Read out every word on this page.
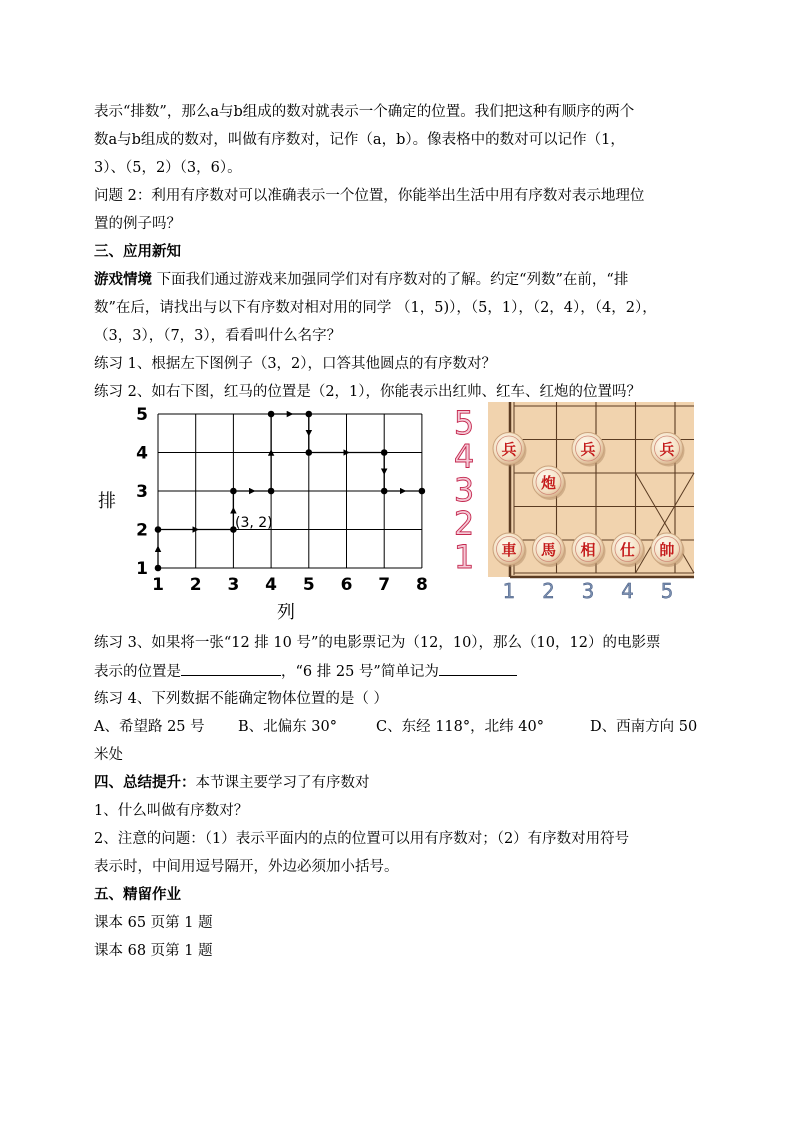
表示“排数”，那么a与b组成的数对就表示一个确定的位置。我们把这种有顺序的两个
数a与b组成的数对，叫做有序数对，记作（a，b）。像表格中的数对可以记作（1，
3）、（5，2）（3，6）。
问题 2：利用有序数对可以准确表示一个位置，你能举出生活中用有序数对表示地理位
置的例子吗？
三、应用新知
游戏情境 下面我们通过游戏来加强同学们对有序数对的了解。约定“列数”在前，“排
数”在后，请找出与以下有序数对相对用的同学 （1，5)），（5，1），（2，4），（4，2），
（3，3），（7，3），看看叫什么名字？
练习 1、根据左下图例子（3，2），口答其他圆点的有序数对？
练习 2、如右下图，红马的位置是（2，1），你能表示出红帅、红车、红炮的位置吗？
1 2 3 4 5 6 7 8
1
2
3
4
5
排
列
(3, 2)
5
4
3
2
1
1 2 3 4 5
兵	兵	兵
炮
車 馬 相 仕 帥
练习 3、如果将一张“12 排 10 号”的电影票记为（12，10），那么（10，12）的电影票
表示的位置是	，“6 排 25 号”简单记为
练习 4、下列数据不能确定物体位置的是（ ）
A、希望路 25 号 B、北偏东 30°	C、东经 118°，北纬 40°	D、西南方向 50
米处
四、总结提升：本节课主要学习了有序数对
1、什么叫做有序数对？
2、注意的问题：（1）表示平面内的点的位置可以用有序数对；（2）有序数对用符号
表示时，中间用逗号隔开，外边必须加小括号。
五、精留作业
课本 65 页第 1 题
课本 68 页第 1 题
